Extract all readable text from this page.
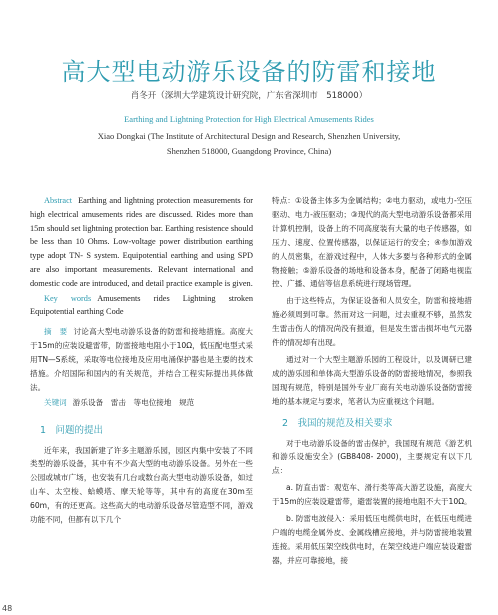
高大型电动游乐设备的防雷和接地
肖冬开（深圳大学建筑设计研究院，广东省深圳市　518000）
Earthing and Lightning Protection for High Electrical Amusements Rides
Xiao Dongkai (The Institute of Architectural Design and Research, Shenzhen University,
Shenzhen 518000, Guangdong Province, China)
Abstract Earthing and lightning protection measurements for high electrical amusements rides are discussed. Rides more than 15m should set lightning protection bar. Earthing resistence should be less than 10 Ohms. Low-voltage power distribution earthing type adopt TN- S system. Equipotential earthing and using SPD are also important measurements. Relevant international and domestic code are introduced, and detail practice example is given.
Key words Amusements rides Lightning stroken Equipotential earthing Code
摘　要 讨论高大型电动游乐设备的防雷和接地措施。高度大于15m的应装设避雷带，防雷接地电阻小于10Ω，低压配电型式采用TN—S系统，采取等电位接地及应用电涌保护器也是主要的技术措施。介绍国际和国内的有关规范，并结合工程实际提出具体做法。
关键词 游乐设备　雷击　等电位接地　规范
1　问题的提出

近年来，我国新建了许多主题游乐园，园区内集中安装了不同类型的游乐设备，其中有不少高大型的电动游乐设备。另外在一些公园或城市广场，也安装有几台或数台高大型电动游乐设备，如过山车、太空梭、蛤蟆塔、摩天轮等等，其中有的高度在30m至60m，有的还更高。这些高大的电动游乐设备尽管造型不同，游戏功能不同，但都有以下几个

特点：①设备主体多为金属结构；②电力驱动，或电力-空压驱动、电力-液压驱动；③现代的高大型电动游乐设备都采用计算机控制，设备上的不同高度装有大量的电子传感器，如压力、速度、位置传感器，以保证运行的安全；④参加游戏的人员密集，在游戏过程中，人体大多要与各种形式的金属物接触；⑤游乐设备的场地和设备本身，配备了闭路电视监控、广播、通信等信息系统进行现场管理。

由于这些特点，为保证设备和人员安全，防雷和接地措施必须周到可靠。然而对这一问题，过去重视不够，虽然发生雷击伤人的情况尚没有报道，但是发生雷击损坏电气元器件的情况却有出现。

通过对一个大型主题游乐园的工程设计，以及调研已建成的游乐园和单体高大型游乐设备的防雷接地情况，参照我国现有规范，特别是国外专业厂商有关电动游乐设备防雷接地的基本规定与要求，笔者认为应重视这个问题。

2　我国的规范及相关要求

对于电动游乐设备的雷击保护，我国现有规范《游艺机和游乐设施安全》(GB8408- 2000)，主要规定有以下几点：

a. 防直击雷：观览车、滑行类等高大游艺设施，高度大于15m的应装设避雷带，避雷装置的接地电阻不大于10Ω。

b. 防雷电波侵入：采用低压电缆供电时，在低压电缆进户端的电缆金属外皮、金属线槽应接地，并与防雷接地装置连接。采用低压架空线供电时，在架空线进户端应装设避雷器，并应可靠接地，接

48
